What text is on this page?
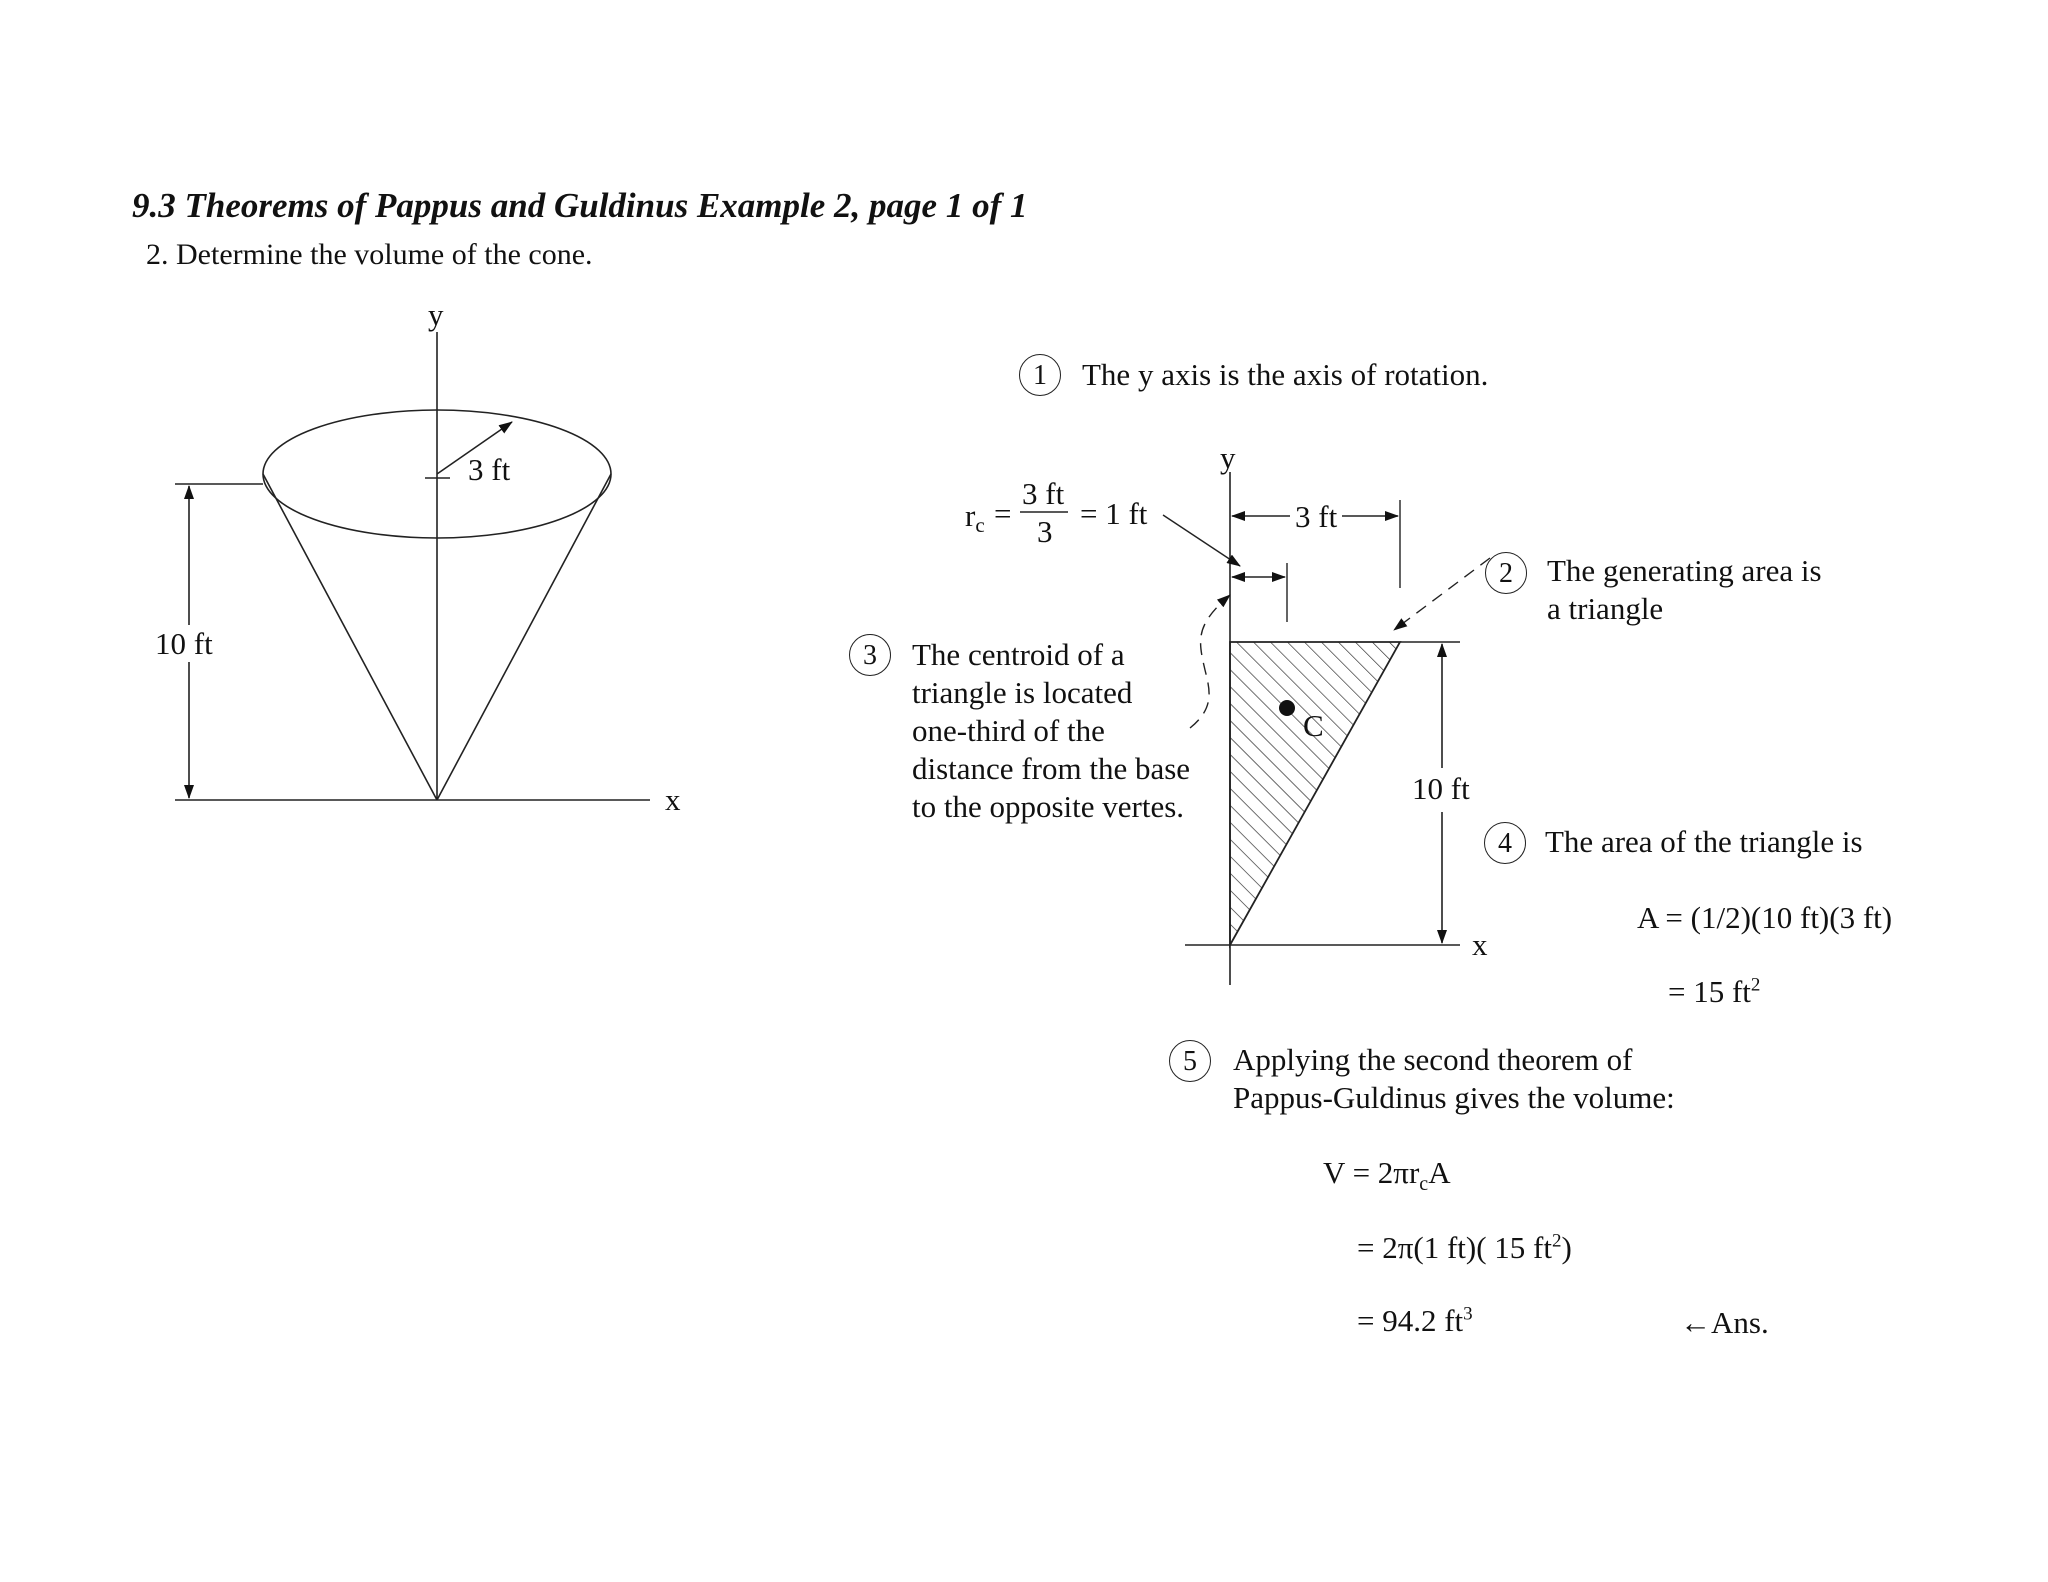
9.3 Theorems of Pappus and Guldinus Example 2, page 1 of 1
2. Determine the volume of the cone.
y
x
3 ft
10 ft
y
x
3 ft
10 ft
C
rc =
3 ft
3
= 1 ft
1	The y axis is the axis of rotation.
2	The generating area is
a triangle
3	The centroid of a
triangle is located
one-third of the
distance from the base
to the opposite vertes.
4	The area of the triangle is
5	Applying the second theorem of
Pappus-Guldinus gives the volume:
A = (1/2)(10 ft)(3 ft)
= 15 $ft^2$
$V = 2\pi r_cA$
= 2π(1 ft)( 15 $ft^2$)
= 94.2 $ft^3$	←Ans.
